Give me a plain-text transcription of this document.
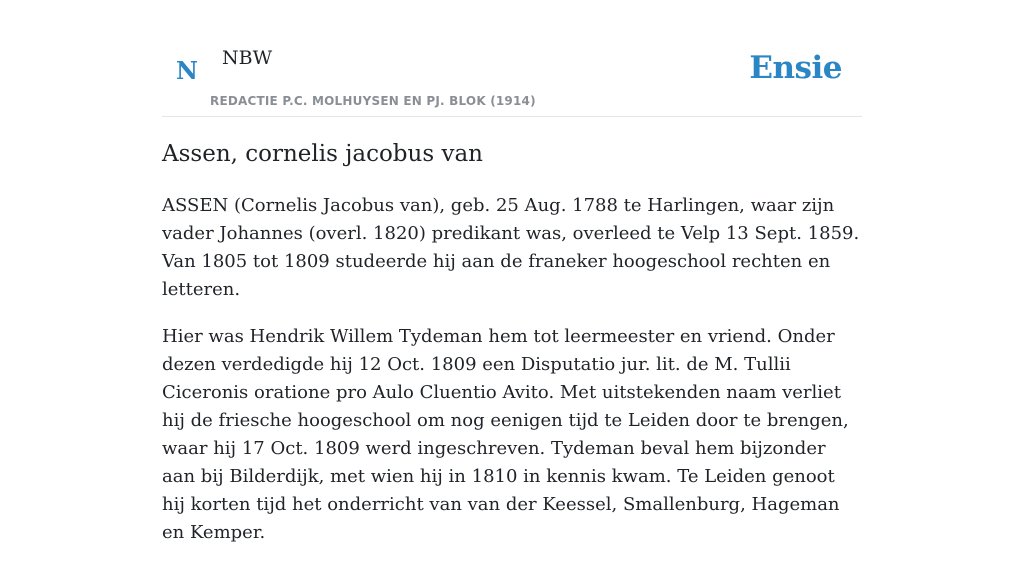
N NBW
REDACTIE P.C. MOLHUYSEN EN PJ. BLOK (1914)
Ensie
Assen, cornelis jacobus van

ASSEN (Cornelis Jacobus van), geb. 25 Aug. 1788 te Harlingen, waar zijn vader Johannes (overl. 1820) predikant was, overleed te Velp 13 Sept. 1859. Van 1805 tot 1809 studeerde hij aan de franeker hoogeschool rechten en letteren.

Hier was Hendrik Willem Tydeman hem tot leermeester en vriend. Onder dezen verdedigde hij 12 Oct. 1809 een Disputatio jur. lit. de M. Tullii Ciceronis oratione pro Aulo Cluentio Avito. Met uitstekenden naam verliet hij de friesche hoogeschool om nog eenigen tijd te Leiden door te brengen, waar hij 17 Oct. 1809 werd ingeschreven. Tydeman beval hem bijzonder aan bij Bilderdijk, met wien hij in 1810 in kennis kwam. Te Leiden genoot hij korten tijd het onderricht van van der Keessel, Smallenburg, Hageman en Kemper.
